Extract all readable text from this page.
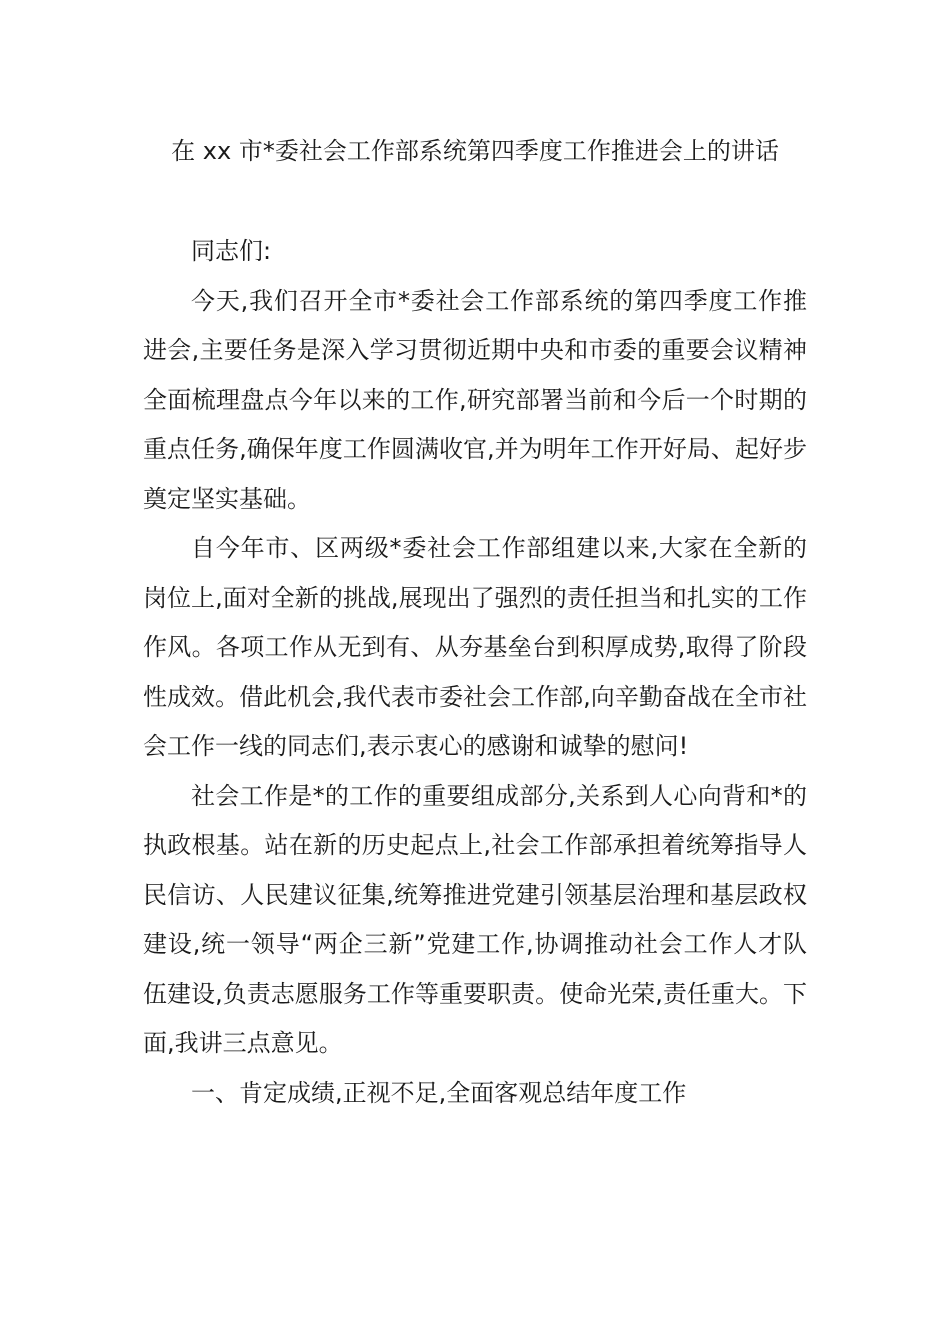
在 xx 市*委社会工作部系统第四季度工作推进会上的讲话

同志们:

今天,我们召开全市*委社会工作部系统的第四季度工作推进会,主要任务是深入学习贯彻近期中央和市委的重要会议精神全面梳理盘点今年以来的工作,研究部署当前和今后一个时期的重点任务,确保年度工作圆满收官,并为明年工作开好局、起好步奠定坚实基础。

自今年市、区两级*委社会工作部组建以来,大家在全新的岗位上,面对全新的挑战,展现出了强烈的责任担当和扎实的工作作风。各项工作从无到有、从夯基垒台到积厚成势,取得了阶段性成效。借此机会,我代表市委社会工作部,向辛勤奋战在全市社会工作一线的同志们,表示衷心的感谢和诚挚的慰问!

社会工作是*的工作的重要组成部分,关系到人心向背和*的执政根基。站在新的历史起点上,社会工作部承担着统筹指导人民信访、人民建议征集,统筹推进党建引领基层治理和基层政权建设,统一领导“两企三新”党建工作,协调推动社会工作人才队伍建设,负责志愿服务工作等重要职责。使命光荣,责任重大。下面,我讲三点意见。

一、肯定成绩,正视不足,全面客观总结年度工作
